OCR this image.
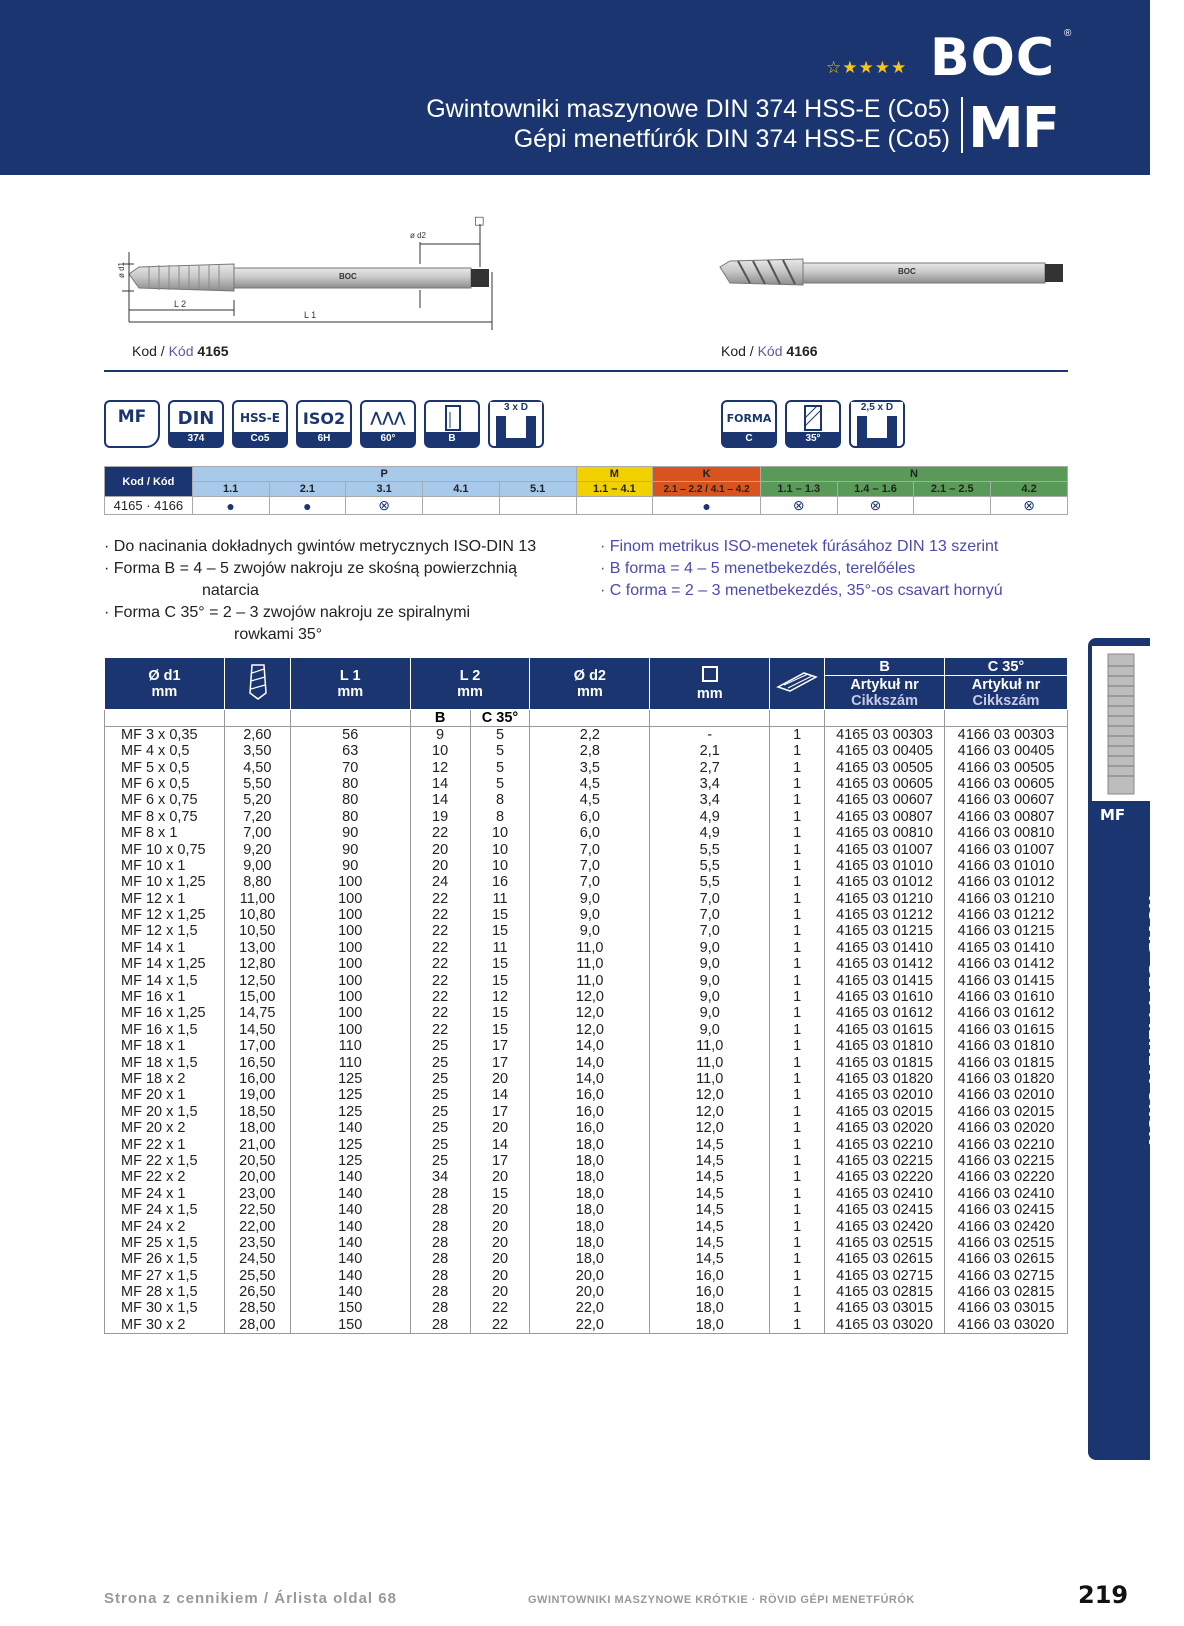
☆★★★★ BOC ®
Gwintowniki maszynowe DIN 374 HSS-E (Co5)
Gépi menetfúrók DIN 374 HSS-E (Co5) MF
BOC
ø d1
L 2
L 1
ø d2
□
BOC
Kod / Kód 4165	Kod / Kód 4166
MF	DIN
374
HSS-E
Co5
ISO2
6H
⋀⋀⋀
60°	B
3 x D
FORMA
C	35°
2,5 x D
Kod / Kód	P					M	K	N			
	1.1	2.1	3.1	4.1	5.1	1.1 – 4.1	2.1 – 2.2 / 4.1 – 4.2	1.1 – 1.3	1.4 – 1.6	2.1 – 2.5	4.2
4165 · 4166	●	●	⊗				●	⊗	⊗		⊗
· Do nacinania dokładnych gwintów metrycznych ISO-DIN 13
· Forma B = 4 – 5 zwojów nakroju ze skośną powierzchnią
natarcia
· Forma C 35° = 2 – 3 zwojów nakroju ze spiralnymi
rowkami 35°
· Finom metrikus ISO-menetek fúrásához DIN 13 szerint
· B forma = 4 – 5 menetbekezdés, terelőéles
· C forma = 2 – 3 menetbekezdés, 35°-os csavart hornyú
Ø d1
mm		L 1
mm	L 2
mm		Ø d2
mm	mm		B	C 35°
								Artykuł nr
Cikkszám	Artykuł nr
Cikkszám
			B	C 35°					
MF 3 x 0,35	2,60	56	9	5	2,2	-	1	4165 03 00303	4166 03 00303
MF 4 x 0,5	3,50	63	10	5	2,8	2,1	1	4165 03 00405	4166 03 00405
MF 5 x 0,5	4,50	70	12	5	3,5	2,7	1	4165 03 00505	4166 03 00505
MF 6 x 0,5	5,50	80	14	5	4,5	3,4	1	4165 03 00605	4166 03 00605
MF 6 x 0,75	5,20	80	14	8	4,5	3,4	1	4165 03 00607	4166 03 00607
MF 8 x 0,75	7,20	80	19	8	6,0	4,9	1	4165 03 00807	4166 03 00807
MF 8 x 1	7,00	90	22	10	6,0	4,9	1	4165 03 00810	4166 03 00810
MF 10 x 0,75	9,20	90	20	10	7,0	5,5	1	4165 03 01007	4166 03 01007
MF 10 x 1	9,00	90	20	10	7,0	5,5	1	4165 03 01010	4166 03 01010
MF 10 x 1,25	8,80	100	24	16	7,0	5,5	1	4165 03 01012	4166 03 01012
MF 12 x 1	11,00	100	22	11	9,0	7,0	1	4165 03 01210	4166 03 01210
MF 12 x 1,25	10,80	100	22	15	9,0	7,0	1	4165 03 01212	4166 03 01212
MF 12 x 1,5	10,50	100	22	15	9,0	7,0	1	4165 03 01215	4166 03 01215
MF 14 x 1	13,00	100	22	11	11,0	9,0	1	4165 03 01410	4165 03 01410
MF 14 x 1,25	12,80	100	22	15	11,0	9,0	1	4165 03 01412	4166 03 01412
MF 14 x 1,5	12,50	100	22	15	11,0	9,0	1	4165 03 01415	4166 03 01415
MF 16 x 1	15,00	100	22	12	12,0	9,0	1	4165 03 01610	4166 03 01610
MF 16 x 1,25	14,75	100	22	15	12,0	9,0	1	4165 03 01612	4166 03 01612
MF 16 x 1,5	14,50	100	22	15	12,0	9,0	1	4165 03 01615	4166 03 01615
MF 18 x 1	17,00	110	25	17	14,0	11,0	1	4165 03 01810	4166 03 01810
MF 18 x 1,5	16,50	110	25	17	14,0	11,0	1	4165 03 01815	4166 03 01815
MF 18 x 2	16,00	125	25	20	14,0	11,0	1	4165 03 01820	4166 03 01820
MF 20 x 1	19,00	125	25	14	16,0	12,0	1	4165 03 02010	4166 03 02010
MF 20 x 1,5	18,50	125	25	17	16,0	12,0	1	4165 03 02015	4166 03 02015
MF 20 x 2	18,00	140	25	20	16,0	12,0	1	4165 03 02020	4166 03 02020
MF 22 x 1	21,00	125	25	14	18,0	14,5	1	4165 03 02210	4166 03 02210
MF 22 x 1,5	20,50	125	25	17	18,0	14,5	1	4165 03 02215	4166 03 02215
MF 22 x 2	20,00	140	34	20	18,0	14,5	1	4165 03 02220	4166 03 02220
MF 24 x 1	23,00	140	28	15	18,0	14,5	1	4165 03 02410	4166 03 02410
MF 24 x 1,5	22,50	140	28	20	18,0	14,5	1	4165 03 02415	4166 03 02415
MF 24 x 2	22,00	140	28	20	18,0	14,5	1	4165 03 02420	4166 03 02420
MF 25 x 1,5	23,50	140	28	20	18,0	14,5	1	4165 03 02515	4166 03 02515
MF 26 x 1,5	24,50	140	28	20	18,0	14,5	1	4165 03 02615	4166 03 02615
MF 27 x 1,5	25,50	140	28	20	20,0	16,0	1	4165 03 02715	4166 03 02715
MF 28 x 1,5	26,50	140	28	20	20,0	16,0	1	4165 03 02815	4166 03 02815
MF 30 x 1,5	28,50	150	28	22	22,0	18,0	1	4165 03 03015	4166 03 03015
MF 30 x 2	28,00	150	28	22	22,0	18,0	1	4165 03 03020	4166 03 03020
MF
GWINTOWNIKI MASZYNOWE KRÓTKIE
RÖVID GÉPI MENETFÚRÓK
Strona z cennikiem / Árlista oldal 68	GWINTOWNIKI MASZYNOWE KRÓTKIE · RÖVID GÉPI MENETFÚRÓK	219
